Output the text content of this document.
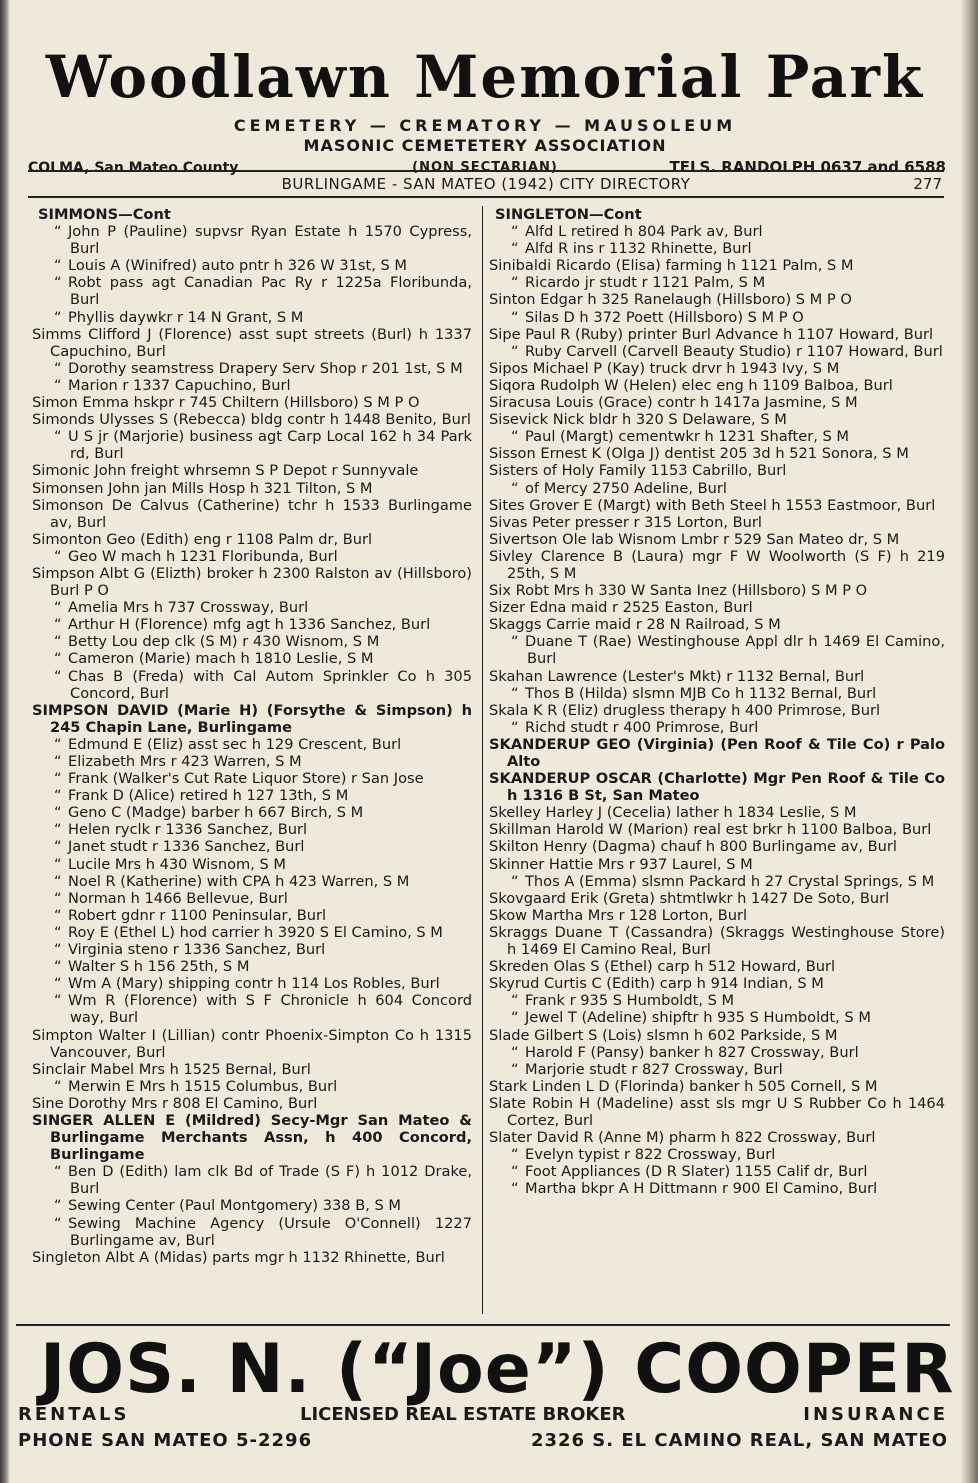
Woodlawn Memorial Park
CEMETERY — CREMATORY — MAUSOLEUM
MASONIC CEMETETERY ASSOCIATION
(NON SECTARIAN)
COLMA, San Mateo County	TELS. RANDOLPH 0637 and 6588
BURLINGAME - SAN MATEO (1942) CITY DIRECTORY	277
SIMMONS—Cont
“ John P (Pauline) supvsr Ryan Estate h 1570 Cypress, Burl
“ Louis A (Winifred) auto pntr h 326 W 31st, S M
“ Robt pass agt Canadian Pac Ry r 1225a Floribunda, Burl
“ Phyllis daywkr r 14 N Grant, S M
Simms Clifford J (Florence) asst supt streets (Burl) h 1337 Capuchino, Burl
“ Dorothy seamstress Drapery Serv Shop r 201 1st, S M
“ Marion r 1337 Capuchino, Burl
Simon Emma hskpr r 745 Chiltern (Hillsboro) S M P O
Simonds Ulysses S (Rebecca) bldg contr h 1448 Benito, Burl
“ U S jr (Marjorie) business agt Carp Local 162 h 34 Park rd, Burl
Simonic John freight whrsemn S P Depot r Sunnyvale
Simonsen John jan Mills Hosp h 321 Tilton, S M
Simonson De Calvus (Catherine) tchr h 1533 Burlingame av, Burl
Simonton Geo (Edith) eng r 1108 Palm dr, Burl
“ Geo W mach h 1231 Floribunda, Burl
Simpson Albt G (Elizth) broker h 2300 Ralston av (Hillsboro) Burl P O
“ Amelia Mrs h 737 Crossway, Burl
“ Arthur H (Florence) mfg agt h 1336 Sanchez, Burl
“ Betty Lou dep clk (S M) r 430 Wisnom, S M
“ Cameron (Marie) mach h 1810 Leslie, S M
“ Chas B (Freda) with Cal Autom Sprinkler Co h 305 Concord, Burl
SIMPSON DAVID (Marie H) (Forsythe & Simpson) h 245 Chapin Lane, Burlingame
“ Edmund E (Eliz) asst sec h 129 Crescent, Burl
“ Elizabeth Mrs r 423 Warren, S M
“ Frank (Walker's Cut Rate Liquor Store) r San Jose
“ Frank D (Alice) retired h 127 13th, S M
“ Geno C (Madge) barber h 667 Birch, S M
“ Helen ryclk r 1336 Sanchez, Burl
“ Janet studt r 1336 Sanchez, Burl
“ Lucile Mrs h 430 Wisnom, S M
“ Noel R (Katherine) with CPA h 423 Warren, S M
“ Norman h 1466 Bellevue, Burl
“ Robert gdnr r 1100 Peninsular, Burl
“ Roy E (Ethel L) hod carrier h 3920 S El Camino, S M
“ Virginia steno r 1336 Sanchez, Burl
“ Walter S h 156 25th, S M
“ Wm A (Mary) shipping contr h 114 Los Robles, Burl
“ Wm R (Florence) with S F Chronicle h 604 Concord way, Burl
Simpton Walter I (Lillian) contr Phoenix-Simpton Co h 1315 Vancouver, Burl
Sinclair Mabel Mrs h 1525 Bernal, Burl
“ Merwin E Mrs h 1515 Columbus, Burl
Sine Dorothy Mrs r 808 El Camino, Burl
SINGER ALLEN E (Mildred) Secy-Mgr San Mateo & Burlingame Merchants Assn, h 400 Concord, Burlingame
“ Ben D (Edith) lam clk Bd of Trade (S F) h 1012 Drake, Burl
“ Sewing Center (Paul Montgomery) 338 B, S M
“ Sewing Machine Agency (Ursule O'Connell) 1227 Burlingame av, Burl
Singleton Albt A (Midas) parts mgr h 1132 Rhinette, Burl
SINGLETON—Cont
“ Alfd L retired h 804 Park av, Burl
“ Alfd R ins r 1132 Rhinette, Burl
Sinibaldi Ricardo (Elisa) farming h 1121 Palm, S M
“ Ricardo jr studt r 1121 Palm, S M
Sinton Edgar h 325 Ranelaugh (Hillsboro) S M P O
“ Silas D h 372 Poett (Hillsboro) S M P O
Sipe Paul R (Ruby) printer Burl Advance h 1107 Howard, Burl
“ Ruby Carvell (Carvell Beauty Studio) r 1107 Howard, Burl
Sipos Michael P (Kay) truck drvr h 1943 Ivy, S M
Siqora Rudolph W (Helen) elec eng h 1109 Balboa, Burl
Siracusa Louis (Grace) contr h 1417a Jasmine, S M
Sisevick Nick bldr h 320 S Delaware, S M
“ Paul (Margt) cementwkr h 1231 Shafter, S M
Sisson Ernest K (Olga J) dentist 205 3d h 521 Sonora, S M
Sisters of Holy Family 1153 Cabrillo, Burl
“ of Mercy 2750 Adeline, Burl
Sites Grover E (Margt) with Beth Steel h 1553 Eastmoor, Burl
Sivas Peter presser r 315 Lorton, Burl
Sivertson Ole lab Wisnom Lmbr r 529 San Mateo dr, S M
Sivley Clarence B (Laura) mgr F W Woolworth (S F) h 219 25th, S M
Six Robt Mrs h 330 W Santa Inez (Hillsboro) S M P O
Sizer Edna maid r 2525 Easton, Burl
Skaggs Carrie maid r 28 N Railroad, S M
“ Duane T (Rae) Westinghouse Appl dlr h 1469 El Camino, Burl
Skahan Lawrence (Lester's Mkt) r 1132 Bernal, Burl
“ Thos B (Hilda) slsmn MJB Co h 1132 Bernal, Burl
Skala K R (Eliz) drugless therapy h 400 Primrose, Burl
“ Richd studt r 400 Primrose, Burl
SKANDERUP GEO (Virginia) (Pen Roof & Tile Co) r Palo Alto
SKANDERUP OSCAR (Charlotte) Mgr Pen Roof & Tile Co h 1316 B St, San Mateo
Skelley Harley J (Cecelia) lather h 1834 Leslie, S M
Skillman Harold W (Marion) real est brkr h 1100 Balboa, Burl
Skilton Henry (Dagma) chauf h 800 Burlingame av, Burl
Skinner Hattie Mrs r 937 Laurel, S M
“ Thos A (Emma) slsmn Packard h 27 Crystal Springs, S M
Skovgaard Erik (Greta) shtmtlwkr h 1427 De Soto, Burl
Skow Martha Mrs r 128 Lorton, Burl
Skraggs Duane T (Cassandra) (Skraggs Westinghouse Store) h 1469 El Camino Real, Burl
Skreden Olas S (Ethel) carp h 512 Howard, Burl
Skyrud Curtis C (Edith) carp h 914 Indian, S M
“ Frank r 935 S Humboldt, S M
“ Jewel T (Adeline) shipftr h 935 S Humboldt, S M
Slade Gilbert S (Lois) slsmn h 602 Parkside, S M
“ Harold F (Pansy) banker h 827 Crossway, Burl
“ Marjorie studt r 827 Crossway, Burl
Stark Linden L D (Florinda) banker h 505 Cornell, S M
Slate Robin H (Madeline) asst sls mgr U S Rubber Co h 1464 Cortez, Burl
Slater David R (Anne M) pharm h 822 Crossway, Burl
“ Evelyn typist r 822 Crossway, Burl
“ Foot Appliances (D R Slater) 1155 Calif dr, Burl
“ Martha bkpr A H Dittmann r 900 El Camino, Burl
JOS. N. (“Joe”) COOPER
RENTALS	LICENSED REAL ESTATE BROKER	INSURANCE
PHONE SAN MATEO 5-2296	2326 S. EL CAMINO REAL, SAN MATEO
